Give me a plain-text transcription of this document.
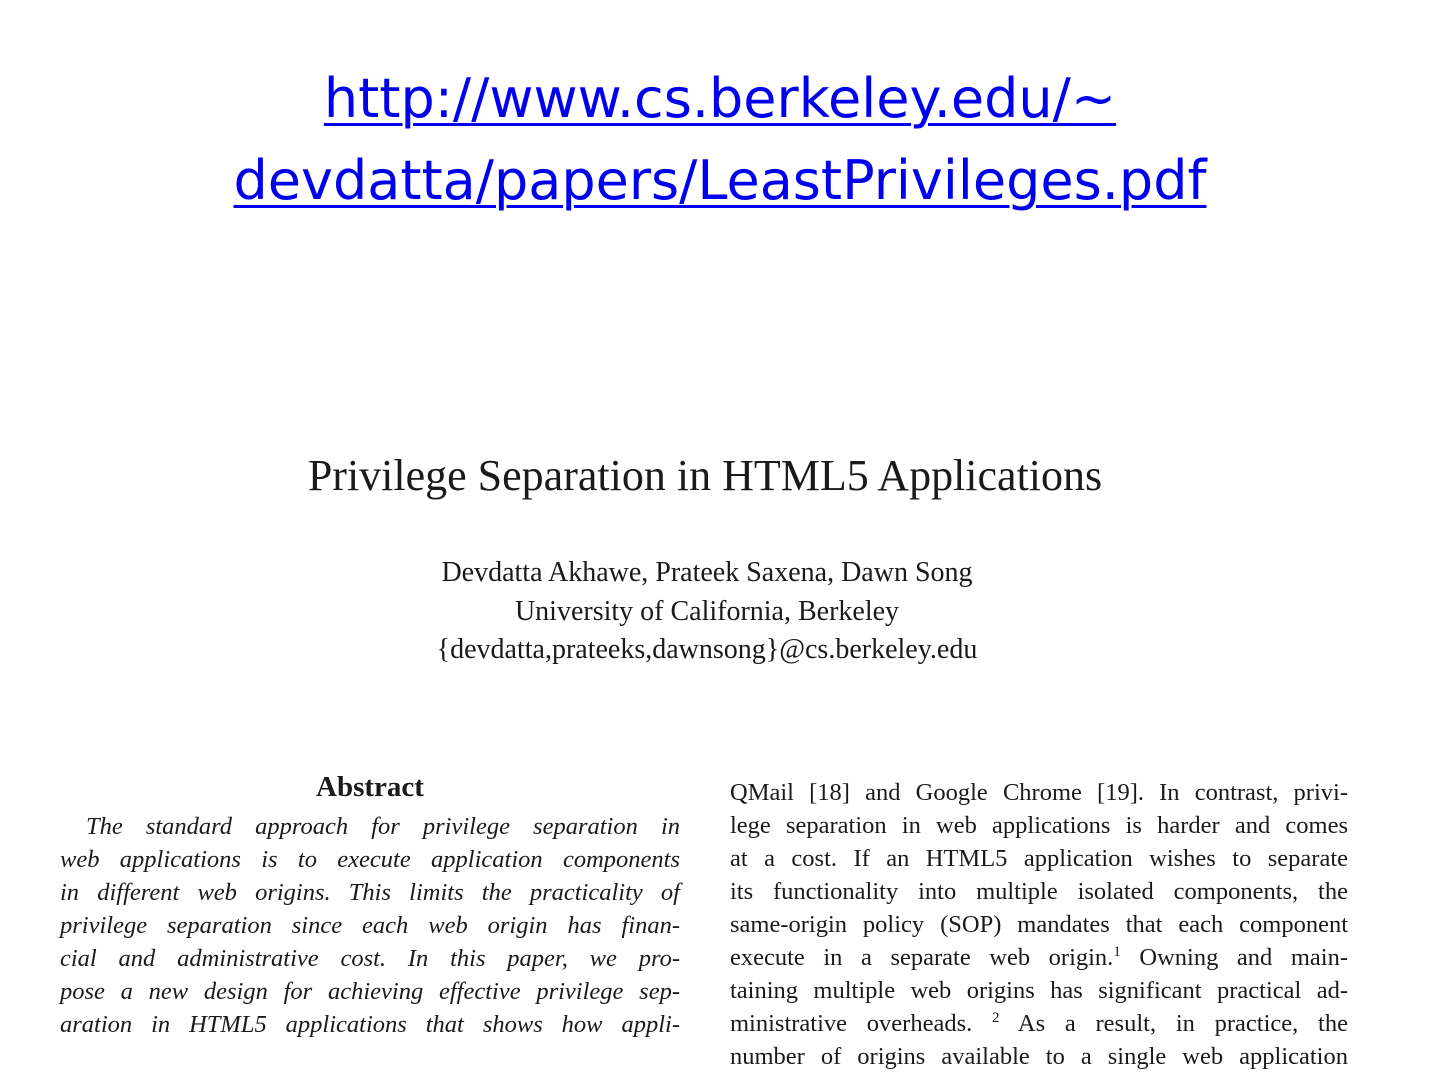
http://www.cs.berkeley.edu/~
devdatta/papers/LeastPrivileges.pdf
Privilege Separation in HTML5 Applications
Devdatta Akhawe, Prateek Saxena, Dawn Song
University of California, Berkeley
{devdatta,prateeks,dawnsong}@cs.berkeley.edu
Abstract
The standard approach for privilege separation in
web applications is to execute application components
in different web origins. This limits the practicality of
privilege separation since each web origin has finan-
cial and administrative cost. In this paper, we pro-
pose a new design for achieving effective privilege sep-
aration in HTML5 applications that shows how appli-
QMail [18] and Google Chrome [19]. In contrast, privi-
lege separation in web applications is harder and comes
at a cost. If an HTML5 application wishes to separate
its functionality into multiple isolated components, the
same-origin policy (SOP) mandates that each component
execute in a separate web origin.$^1$ Owning and main-
taining multiple web origins has significant practical ad-
ministrative overheads. $^2$ As a result, in practice, the
number of origins available to a single web application
